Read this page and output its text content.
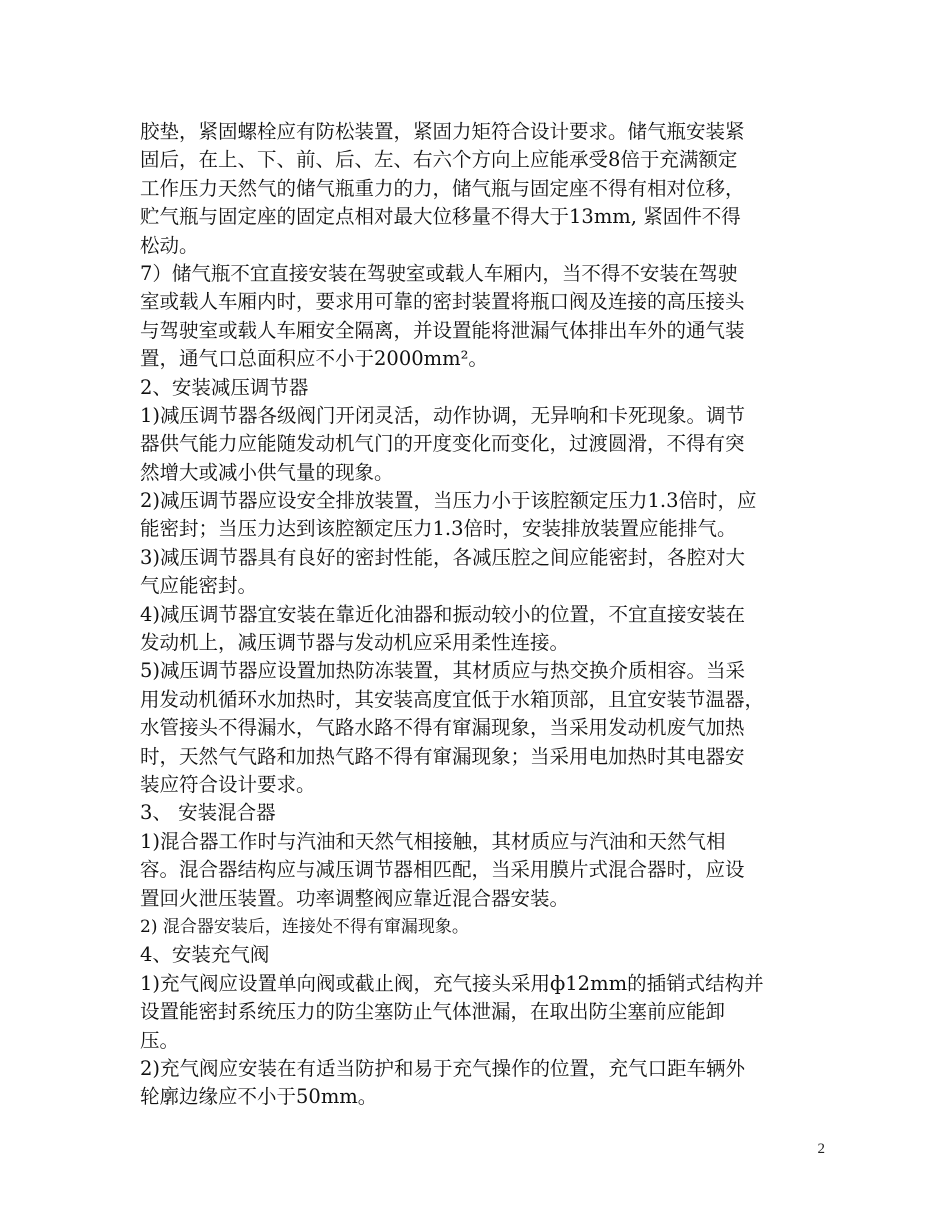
胶垫，紧固螺栓应有防松装置，紧固力矩符合设计要求。储气瓶安装紧
固后，在上、下、前、后、左、右六个方向上应能承受8倍于充满额定
工作压力天然气的储气瓶重力的力，储气瓶与固定座不得有相对位移，
贮气瓶与固定座的固定点相对最大位移量不得大于13mm, 紧固件不得
松动。
7）储气瓶不宜直接安装在驾驶室或载人车厢内，当不得不安装在驾驶
室或载人车厢内时，要求用可靠的密封装置将瓶口阀及连接的高压接头
与驾驶室或载人车厢安全隔离，并设置能将泄漏气体排出车外的通气装
置，通气口总面积应不小于2000mm²。
2、安装减压调节器
1)减压调节器各级阀门开闭灵活，动作协调，无异响和卡死现象。调节
器供气能力应能随发动机气门的开度变化而变化，过渡圆滑，不得有突
然增大或减小供气量的现象。
2)减压调节器应设安全排放装置，当压力小于该腔额定压力1.3倍时，应
能密封；当压力达到该腔额定压力1.3倍时，安装排放装置应能排气。
3)减压调节器具有良好的密封性能，各减压腔之间应能密封，各腔对大
气应能密封。
4)减压调节器宜安装在靠近化油器和振动较小的位置，不宜直接安装在
发动机上，减压调节器与发动机应采用柔性连接。
5)减压调节器应设置加热防冻装置，其材质应与热交换介质相容。当采
用发动机循环水加热时，其安装高度宜低于水箱顶部，且宜安装节温器，
水管接头不得漏水，气路水路不得有窜漏现象，当采用发动机废气加热
时，天然气气路和加热气路不得有窜漏现象；当采用电加热时其电器安
装应符合设计要求。
3、 安装混合器
1)混合器工作时与汽油和天然气相接触，其材质应与汽油和天然气相
容。混合器结构应与减压调节器相匹配，当采用膜片式混合器时，应设
置回火泄压装置。功率调整阀应靠近混合器安装。
2) 混合器安装后，连接处不得有窜漏现象。
4、安装充气阀
1)充气阀应设置单向阀或截止阀，充气接头采用ф12mm的插销式结构并
设置能密封系统压力的防尘塞防止气体泄漏，在取出防尘塞前应能卸
压。
2)充气阀应安装在有适当防护和易于充气操作的位置，充气口距车辆外
轮廓边缘应不小于50mm。
2
